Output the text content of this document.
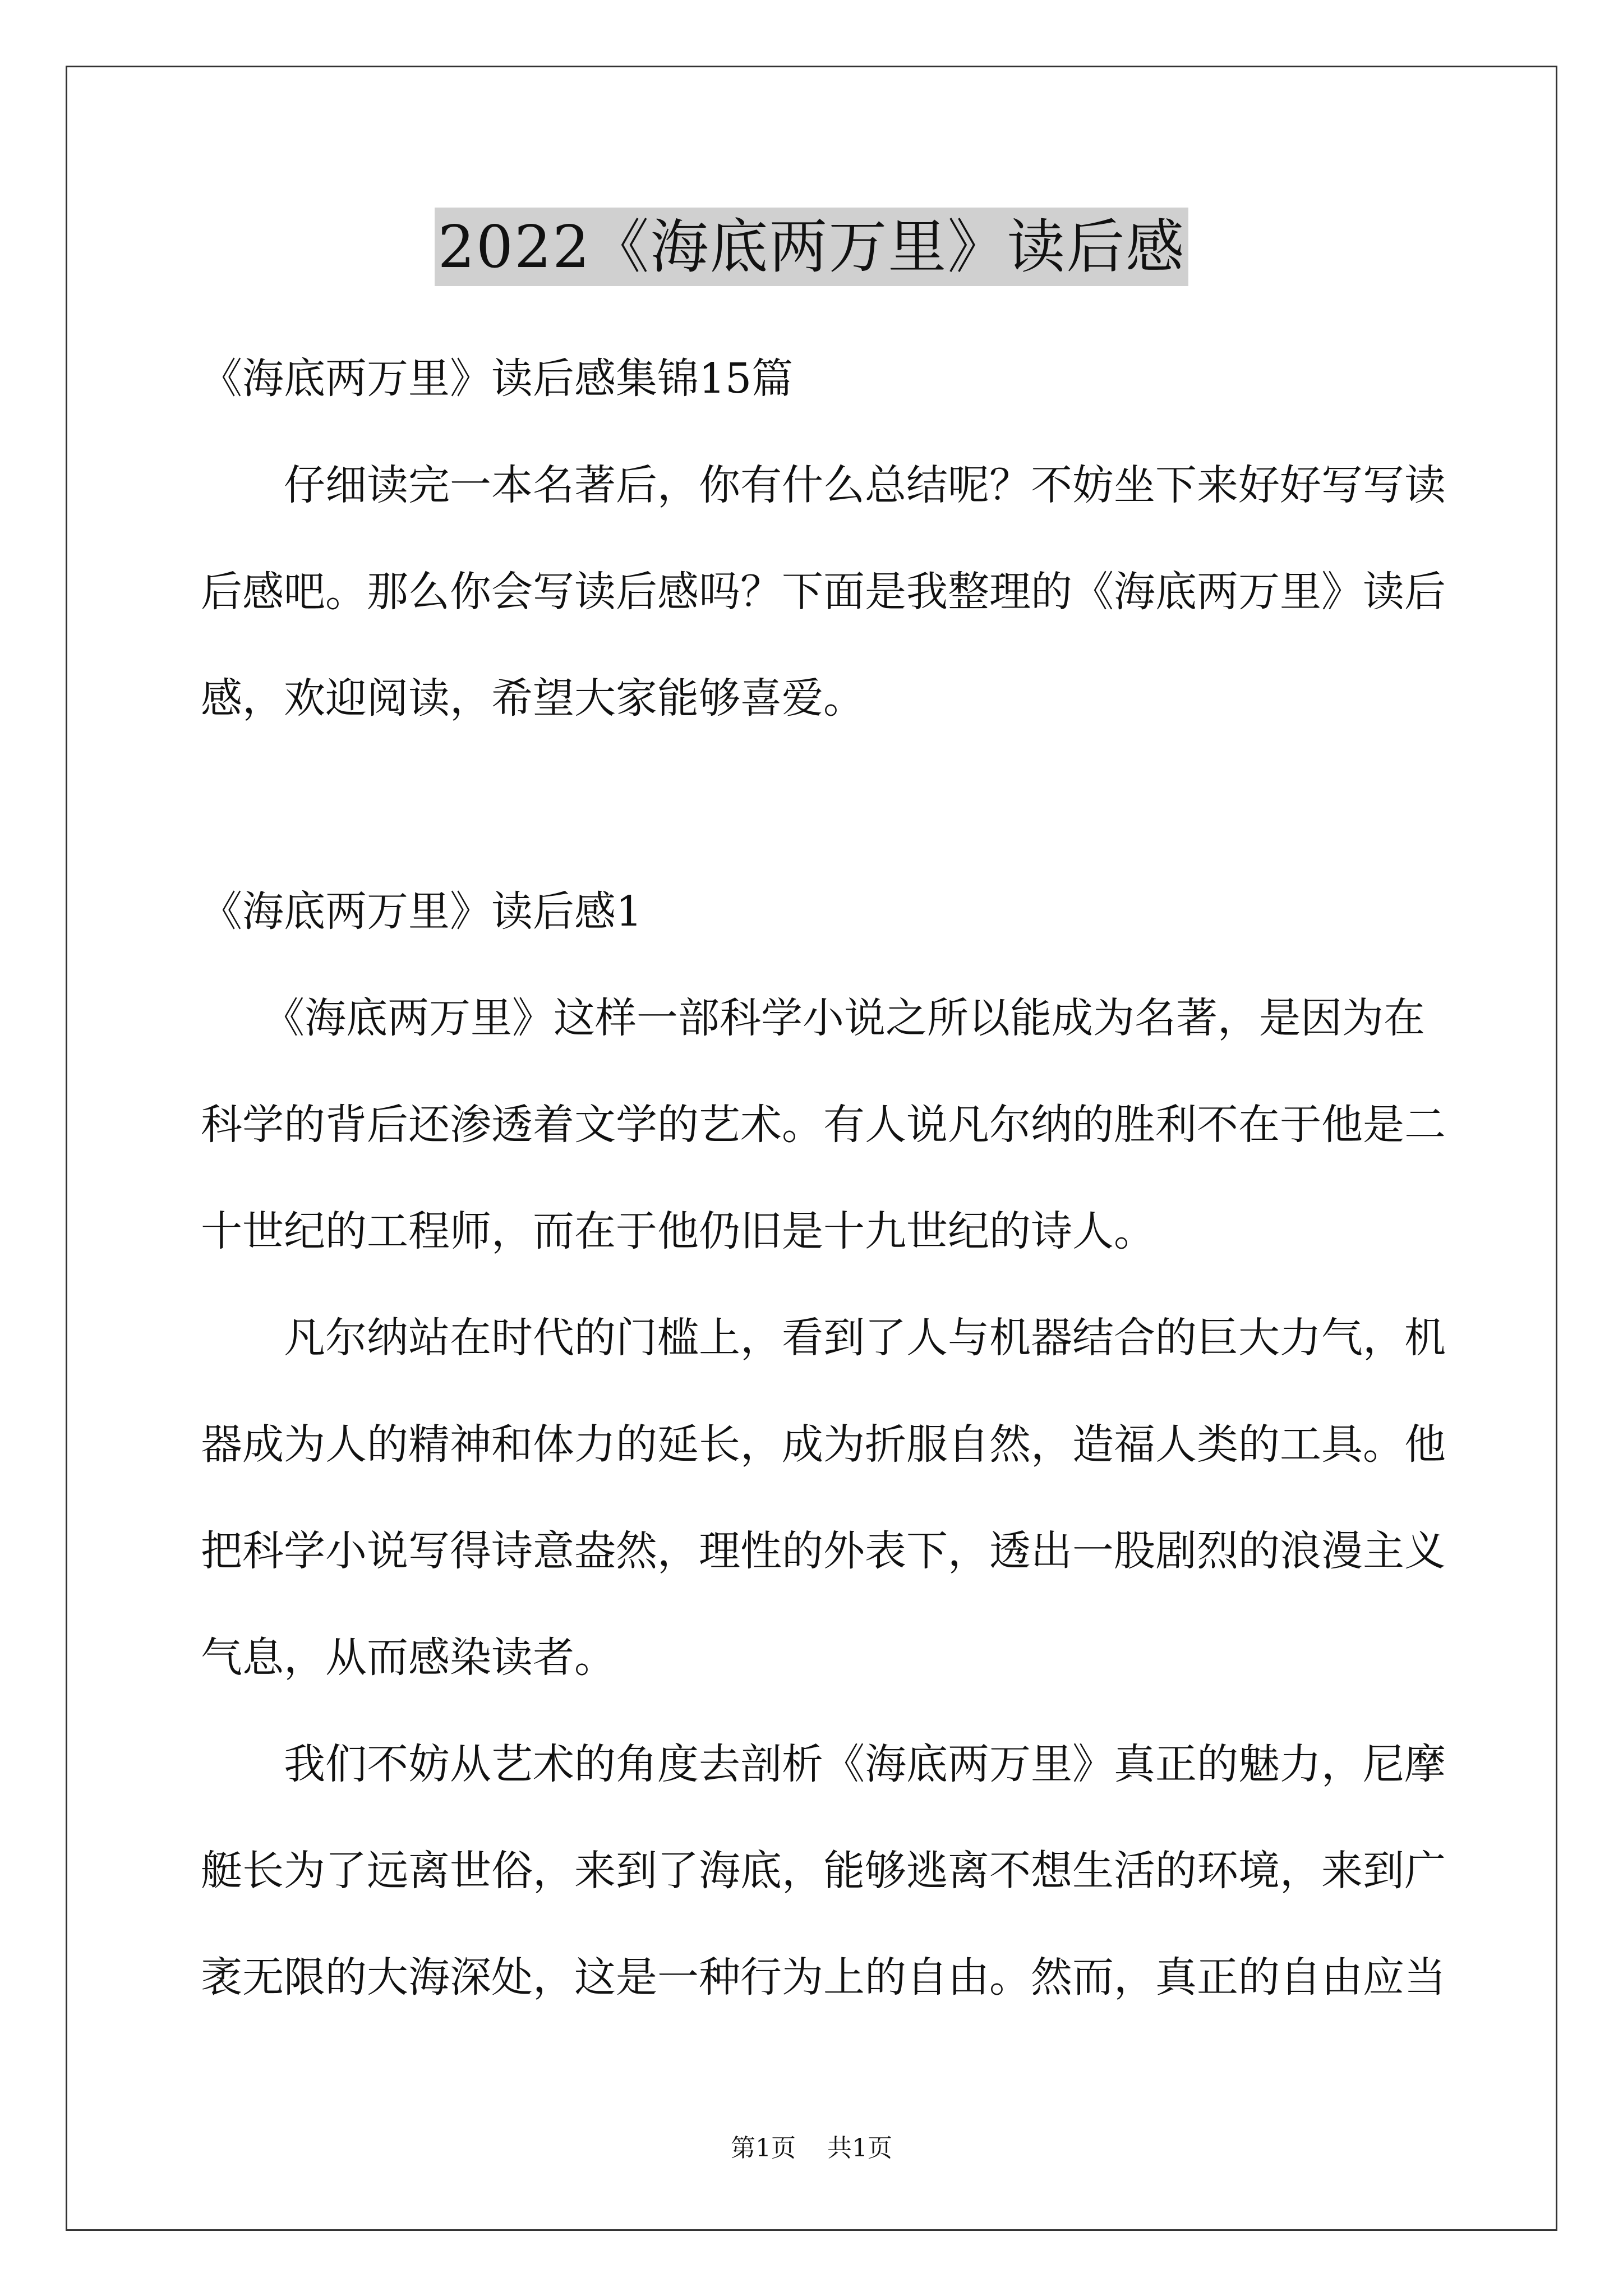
2022《海底两万里》读后感
《海底两万里》读后感集锦15篇
　　仔细读完一本名著后，你有什么总结呢？不妨坐下来好好写写读
后感吧。那么你会写读后感吗？下面是我整理的《海底两万里》读后
感，欢迎阅读，希望大家能够喜爱。
《海底两万里》读后感1
　　《海底两万里》这样一部科学小说之所以能成为名著，是因为在
科学的背后还渗透着文学的艺术。有人说凡尔纳的胜利不在于他是二
十世纪的工程师，而在于他仍旧是十九世纪的诗人。
　　凡尔纳站在时代的门槛上，看到了人与机器结合的巨大力气，机
器成为人的精神和体力的延长，成为折服自然，造福人类的工具。他
把科学小说写得诗意盎然，理性的外表下，透出一股剧烈的浪漫主义
气息，从而感染读者。
　　我们不妨从艺术的角度去剖析《海底两万里》真正的魅力，尼摩
艇长为了远离世俗，来到了海底，能够逃离不想生活的环境，来到广
袤无限的大海深处，这是一种行为上的自由。然而，真正的自由应当
第1页 共1页
